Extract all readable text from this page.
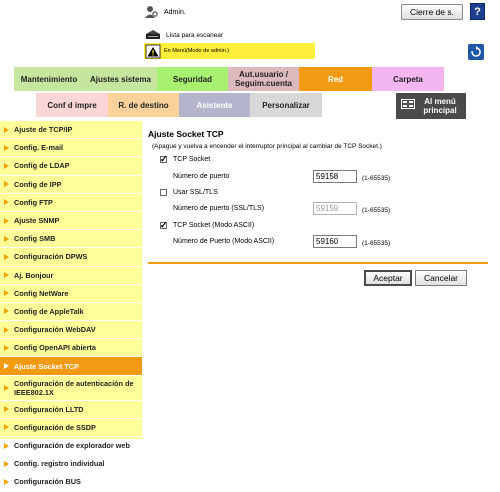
Admin.	Cierre de s.	?
Lista para escanear
En Menú(Modo de admin.)
Mantenimiento	Ajustes sistema	Seguridad	Aut.usuario / Seguim.cuenta	Red	Carpeta
Conf d impre	R. de destino	Asistente	Personalizar	Al menú principal
Ajuste de TCP/IP
Config. E-mail
Config de LDAP
Config de IPP
Config FTP
Ajuste SNMP
Config SMB
Configuración DPWS
Aj. Bonjour
Config NetWare
Config de AppleTalk
Configuración WebDAV
Config OpenAPI abierta
Ajuste Socket TCP
Configuración de autenticación de IEEE802.1X
Configuración LLTD
Configuración de SSDP
Configuración de explorador web
Config. registro individual
Configuración BUS
Ajuste Socket TCP
(Apague y vuelva a encender el interruptor principal al cambiar de TCP Socket.)
✓
TCP Socket
Número de puerto	59158	(1-65535)
Usar SSL/TLS
Número de puerto (SSL/TLS)	59159	(1-65535)
✓
TCP Socket (Modo ASCII)
Número de Puerto (Modo ASCII)	59160	(1-65535)
Aceptar	Cancelar
